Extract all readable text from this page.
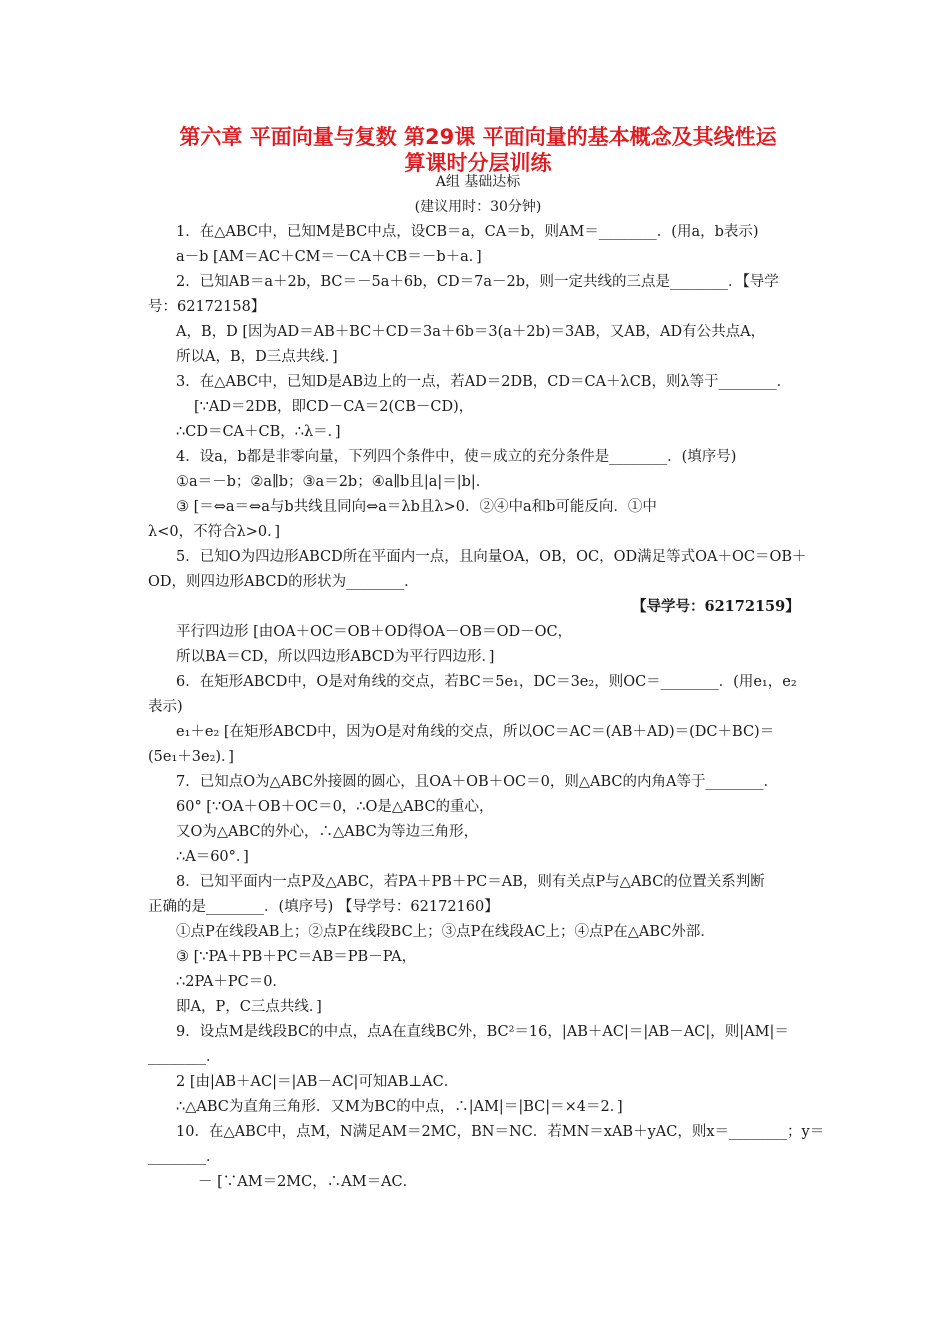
第六章 平面向量与复数 第29课 平面向量的基本概念及其线性运
算课时分层训练
A组 基础达标
(建议用时：30分钟)
1．在△ABC中，已知M是BC中点，设CB＝a，CA＝b，则AM＝________．(用a，b表示)
a－b [AM＝AC＋CM＝－CA＋CB＝－b＋a．]
2．已知AB＝a＋2b，BC＝－5a＋6b，CD＝7a－2b，则一定共线的三点是________．【导学
号：62172158】
A，B，D [因为AD＝AB＋BC＋CD＝3a＋6b＝3(a＋2b)＝3AB，又AB，AD有公共点A，
所以A，B，D三点共线．]
3．在△ABC中，已知D是AB边上的一点，若AD＝2DB，CD＝CA＋λCB，则λ等于________．
[∵AD＝2DB，即CD－CA＝2(CB－CD)，
∴CD＝CA＋CB，∴λ＝．]
4．设a，b都是非零向量，下列四个条件中，使＝成立的充分条件是________．(填序号)
①a＝－b；②a∥b；③a＝2b；④a∥b且|a|＝|b|．
③ [＝⇔a＝⇔a与b共线且同向⇔a＝λb且λ>0．②④中a和b可能反向．①中
λ<0，不符合λ>0．]
5．已知O为四边形ABCD所在平面内一点，且向量OA，OB，OC，OD满足等式OA＋OC＝OB＋
OD，则四边形ABCD的形状为________．
【导学号：62172159】
平行四边形 [由OA＋OC＝OB＋OD得OA－OB＝OD－OC，
所以BA＝CD，所以四边形ABCD为平行四边形．]
6．在矩形ABCD中，O是对角线的交点，若BC＝5e₁，DC＝3e₂，则OC＝________．(用e₁，e₂
表示)
e₁＋e₂ [在矩形ABCD中，因为O是对角线的交点，所以OC＝AC＝(AB＋AD)＝(DC＋BC)＝
(5e₁＋3e₂)．]
7．已知点O为△ABC外接圆的圆心，且OA＋OB＋OC＝0，则△ABC的内角A等于________．
60° [∵OA＋OB＋OC＝0，∴O是△ABC的重心，
又O为△ABC的外心，∴△ABC为等边三角形，
∴A＝60°．]
8．已知平面内一点P及△ABC，若PA＋PB＋PC＝AB，则有关点P与△ABC的位置关系判断
正确的是________．(填序号) 【导学号：62172160】
①点P在线段AB上；②点P在线段BC上；③点P在线段AC上；④点P在△ABC外部．
③ [∵PA＋PB＋PC＝AB＝PB－PA，
∴2PA＋PC＝0．
即A，P，C三点共线．]
9．设点M是线段BC的中点，点A在直线BC外，BC²＝16，|AB＋AC|＝|AB－AC|，则|AM|＝
________．
2 [由|AB＋AC|＝|AB－AC|可知AB⊥AC．
∴△ABC为直角三角形．又M为BC的中点，∴|AM|＝|BC|＝×4＝2．]
10．在△ABC中，点M，N满足AM＝2MC，BN＝NC．若MN＝xAB＋yAC，则x＝________；y＝
________．
－ [∵AM＝2MC，∴AM＝AC．
